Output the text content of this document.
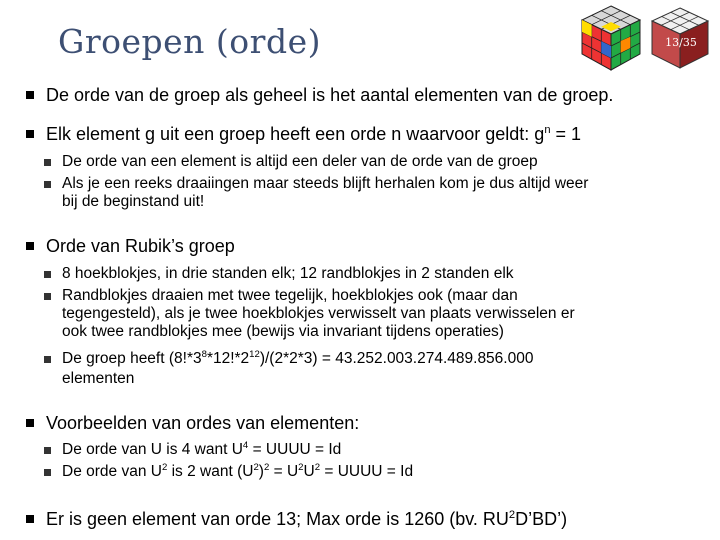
Groepen (orde)	13/35
De orde van de groep als geheel is het aantal elementen van de groep.
Elk element g uit een groep heeft een orde n waarvoor geldt: $g^n = 1$
De orde van een element is altijd een deler van de orde van de groep
Als je een reeks draaiingen maar steeds blijft herhalen kom je dus altijd weer
bij de beginstand uit!
Orde van Rubik’s groep
8 hoekblokjes, in drie standen elk; 12 randblokjes in 2 standen elk
Randblokjes draaien met twee tegelijk, hoekblokjes ook (maar dan
tegengesteld), als je twee hoekblokjes verwisselt van plaats verwisselen er
ook twee randblokjes mee (bewijs via invariant tijdens operaties)
De groep heeft $(8!*3^8*12!*2^{12})/(2*2*3) = 43.252.003.274.489.856.000$
elementen
Voorbeelden van ordes van elementen:
De orde van U is 4 want $U^4$ = UUUU = Id
De orde van $U^2$ is 2 want $(U^2)^2 = U^2U^2$ = UUUU = Id
Er is geen element van orde 13; Max orde is 1260 (bv. $RU^2D’BD$’)
